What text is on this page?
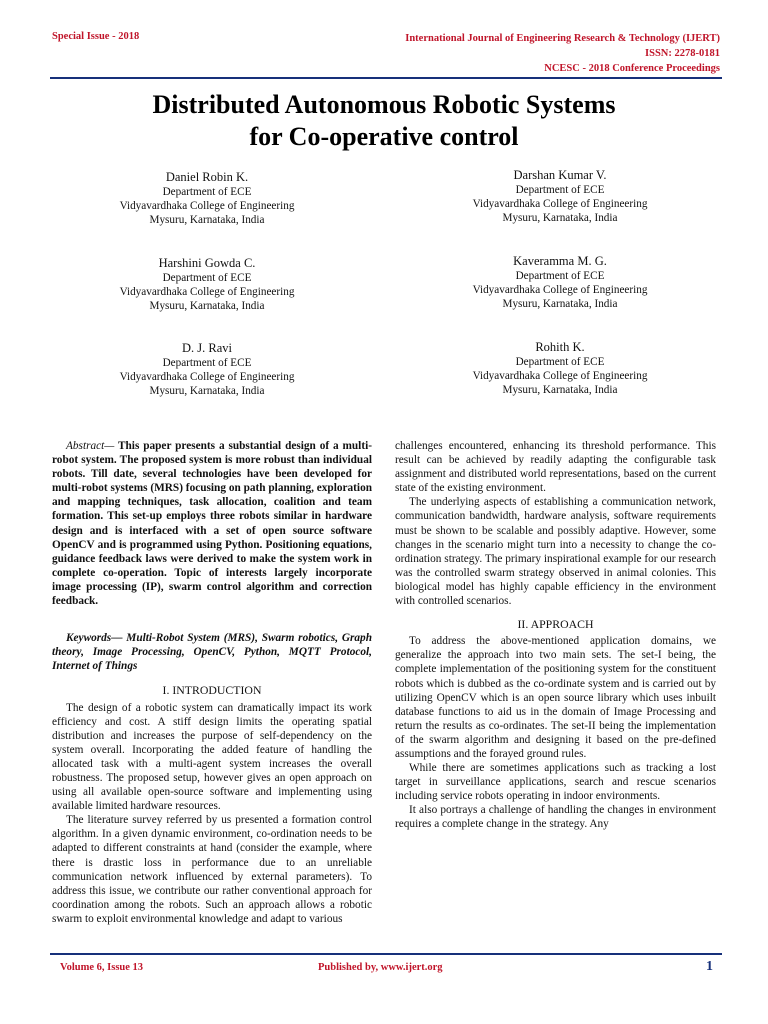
Special Issue - 2018	International Journal of Engineering Research & Technology (IJERT)
ISSN: 2278-0181
NCESC - 2018 Conference Proceedings
Distributed Autonomous Robotic Systems
for Co-operative control
Daniel Robin K.
Department of ECE
Vidyavardhaka College of Engineering
Mysuru, Karnataka, India
Darshan Kumar V.
Department of ECE
Vidyavardhaka College of Engineering
Mysuru, Karnataka, India
Harshini Gowda C.
Department of ECE
Vidyavardhaka College of Engineering
Mysuru, Karnataka, India
Kaveramma M. G.
Department of ECE
Vidyavardhaka College of Engineering
Mysuru, Karnataka, India
D. J. Ravi
Department of ECE
Vidyavardhaka College of Engineering
Mysuru, Karnataka, India
Rohith K.
Department of ECE
Vidyavardhaka College of Engineering
Mysuru, Karnataka, India

Abstract— This paper presents a substantial design of a multi-robot system. The proposed system is more robust than individual robots. Till date, several technologies have been developed for multi-robot systems (MRS) focusing on path planning, exploration and mapping techniques, task allocation, coalition and team formation. This set-up employs three robots similar in hardware design and is interfaced with a set of open source software OpenCV and is programmed using Python. Positioning equations, guidance feedback laws were derived to make the system work in complete co-operation. Topic of interests largely incorporate image processing (IP), swarm control algorithm and correction feedback.

Keywords— Multi-Robot System (MRS), Swarm robotics, Graph theory, Image Processing, OpenCV, Python, MQTT Protocol, Internet of Things

I. INTRODUCTION

The design of a robotic system can dramatically impact its work efficiency and cost. A stiff design limits the operating spatial distribution and increases the purpose of self-dependency on the system overall. Incorporating the added feature of handling the allocated task with a multi-agent system increases the overall robustness. The proposed setup, however gives an open approach on using all available open-source software and implementing using available limited hardware resources.

The literature survey referred by us presented a formation control algorithm. In a given dynamic environment, co-ordination needs to be adapted to different constraints at hand (consider the example, where there is drastic loss in performance due to an unreliable communication network influenced by external parameters). To address this issue, we contribute our rather conventional approach for coordination among the robots. Such an approach allows a robotic swarm to exploit environmental knowledge and adapt to various

challenges encountered, enhancing its threshold performance. This result can be achieved by readily adapting the configurable task assignment and distributed world representations, based on the current state of the existing environment.

The underlying aspects of establishing a communication network, communication bandwidth, hardware analysis, software requirements must be shown to be scalable and possibly adaptive. However, some changes in the scenario might turn into a necessity to change the co-ordination strategy. The primary inspirational example for our research was the controlled swarm strategy observed in animal colonies. This biological model has highly capable efficiency in the environment with controlled scenarios.

II. APPROACH

To address the above-mentioned application domains, we generalize the approach into two main sets. The set-I being, the complete implementation of the positioning system for the constituent robots which is dubbed as the co-ordinate system and is carried out by utilizing OpenCV which is an open source library which uses inbuilt database functions to aid us in the domain of Image Processing and return the results as co-ordinates. The set-II being the implementation of the swarm algorithm and designing it based on the pre-defined assumptions and the forayed ground rules.

While there are sometimes applications such as tracking a lost target in surveillance applications, search and rescue scenarios including service robots operating in indoor environments.

It also portrays a challenge of handling the changes in environment requires a complete change in the strategy. Any

Volume 6, Issue 13	Published by, www.ijert.org	1
